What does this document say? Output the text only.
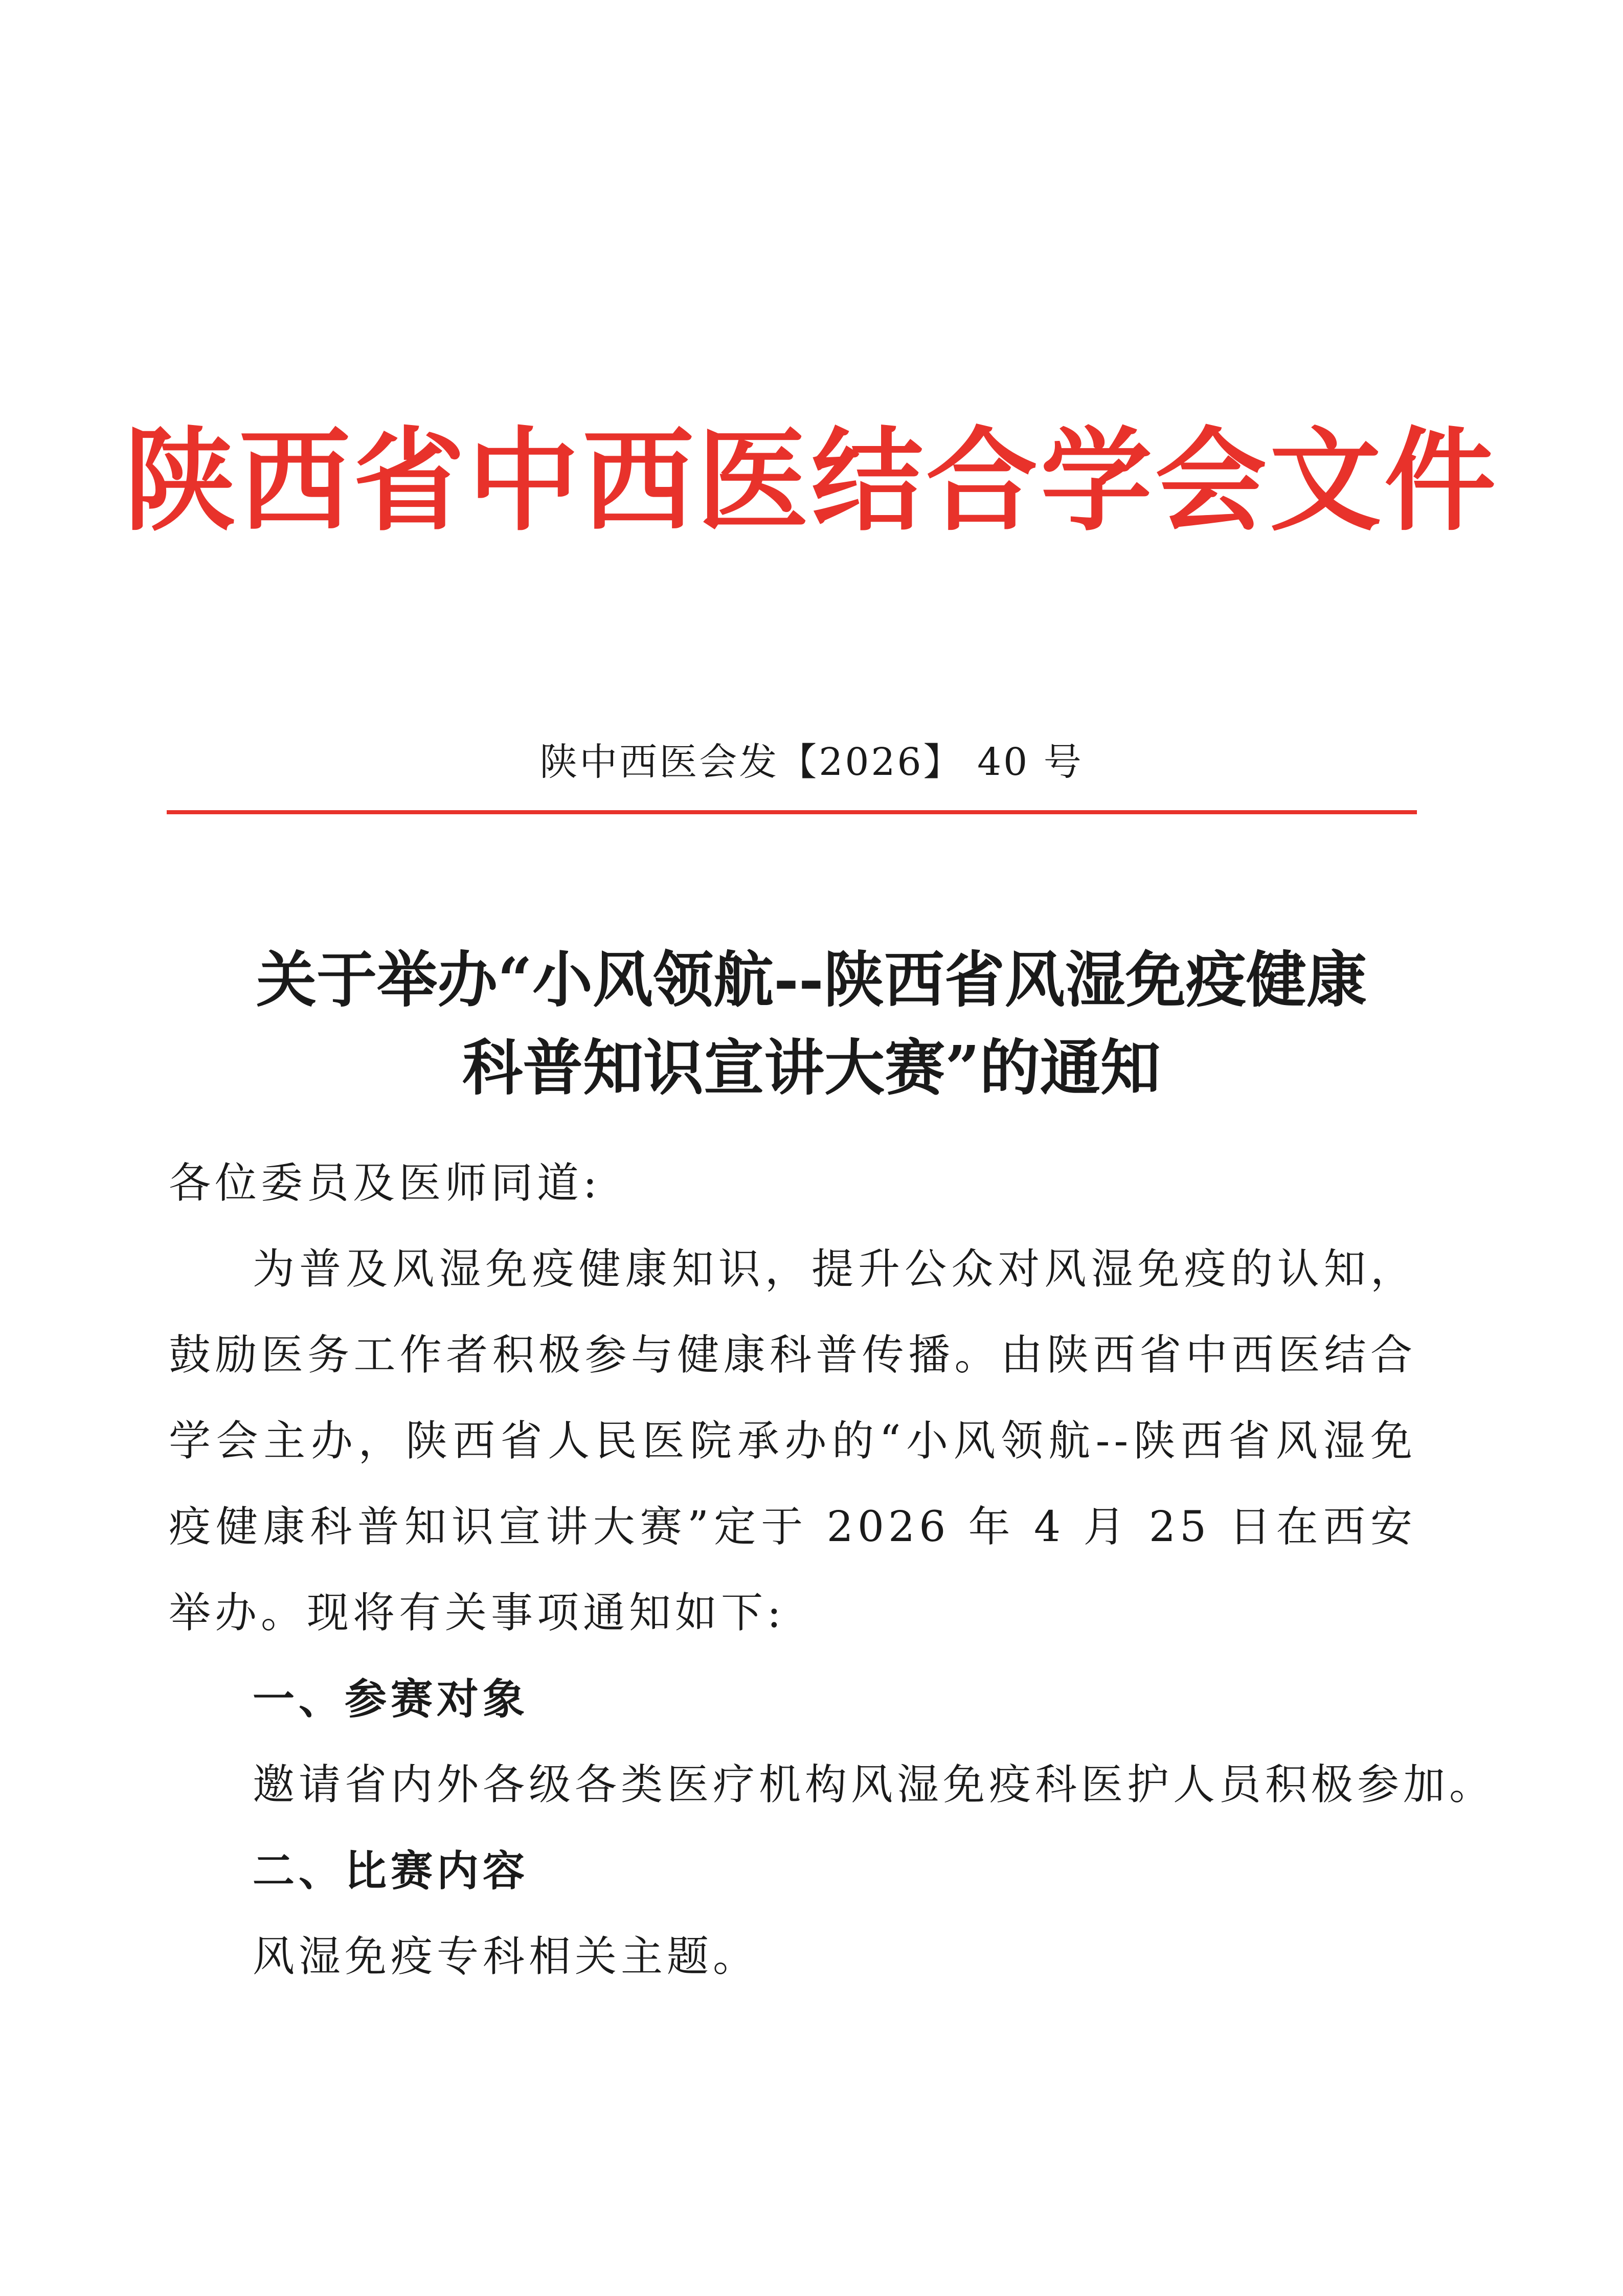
陕西省中西医结合学会文件
陕中西医会发【2026】 40 号
关于举办“小风领航--陕西省风湿免疫健康
科普知识宣讲大赛”的通知
各位委员及医师同道:
为普及风湿免疫健康知识，提升公众对风湿免疫的认知，鼓励医务工作者积极参与健康科普传播。由陕西省中西医结合学会主办，陕西省人民医院承办的“小风领航--陕西省风湿免疫健康科普知识宣讲大赛”定于 2026 年 4 月 25 日在西安举办。现将有关事项通知如下:
一、参赛对象
邀请省内外各级各类医疗机构风湿免疫科医护人员积极参加。
二、比赛内容
风湿免疫专科相关主题。
